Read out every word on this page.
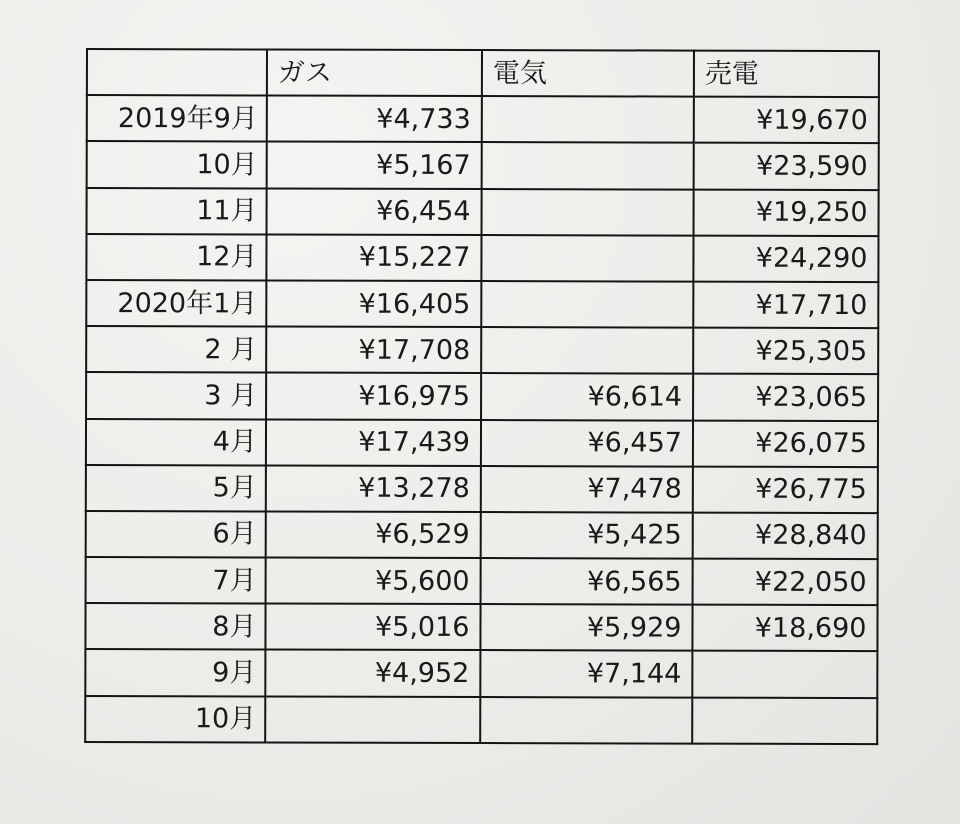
	ガス	電気	売電
2019年9月	¥4,733		¥19,670
10月	¥5,167		¥23,590
11月	¥6,454		¥19,250
12月	¥15,227		¥24,290
2020年1月	¥16,405		¥17,710
2 月	¥17,708		¥25,305
3 月	¥16,975	¥6,614	¥23,065
4月	¥17,439	¥6,457	¥26,075
5月	¥13,278	¥7,478	¥26,775
6月	¥6,529	¥5,425	¥28,840
7月	¥5,600	¥6,565	¥22,050
8月	¥5,016	¥5,929	¥18,690
9月	¥4,952	¥7,144	
10月			
